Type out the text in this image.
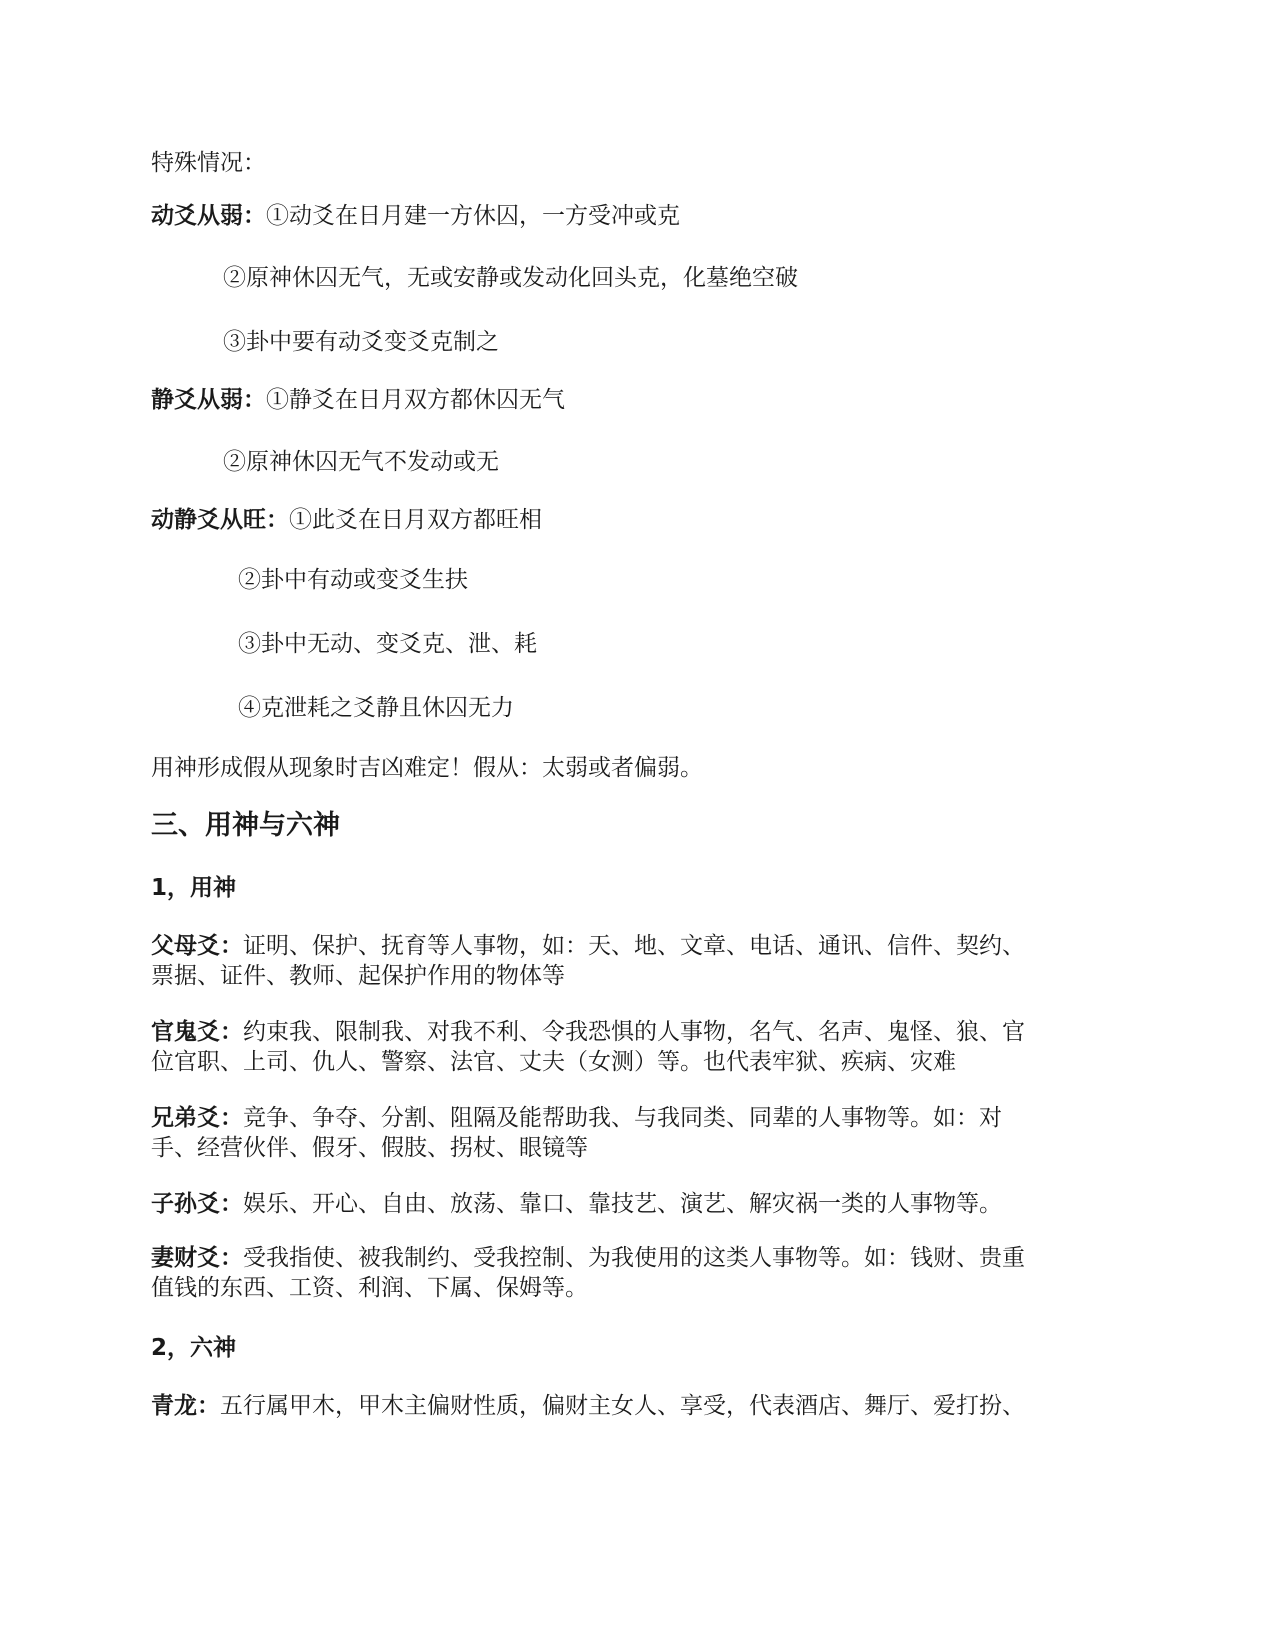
特殊情况：
动爻从弱：①动爻在日月建一方休囚，一方受冲或克
②原神休囚无气，无或安静或发动化回头克，化墓绝空破
③卦中要有动爻变爻克制之
静爻从弱：①静爻在日月双方都休囚无气
②原神休囚无气不发动或无
动静爻从旺：①此爻在日月双方都旺相
②卦中有动或变爻生扶
③卦中无动、变爻克、泄、耗
④克泄耗之爻静且休囚无力
用神形成假从现象时吉凶难定！假从：太弱或者偏弱。
三、用神与六神
1，用神
父母爻：证明、保护、抚育等人事物，如：天、地、文章、电话、通讯、信件、契约、
票据、证件、教师、起保护作用的物体等
官鬼爻：约束我、限制我、对我不利、令我恐惧的人事物，名气、名声、鬼怪、狼、官
位官职、上司、仇人、警察、法官、丈夫（女测）等。也代表牢狱、疾病、灾难
兄弟爻：竞争、争夺、分割、阻隔及能帮助我、与我同类、同辈的人事物等。如：对
手、经营伙伴、假牙、假肢、拐杖、眼镜等
子孙爻：娱乐、开心、自由、放荡、靠口、靠技艺、演艺、解灾祸一类的人事物等。
妻财爻：受我指使、被我制约、受我控制、为我使用的这类人事物等。如：钱财、贵重
值钱的东西、工资、利润、下属、保姆等。
2，六神
青龙：五行属甲木，甲木主偏财性质，偏财主女人、享受，代表酒店、舞厅、爱打扮、
